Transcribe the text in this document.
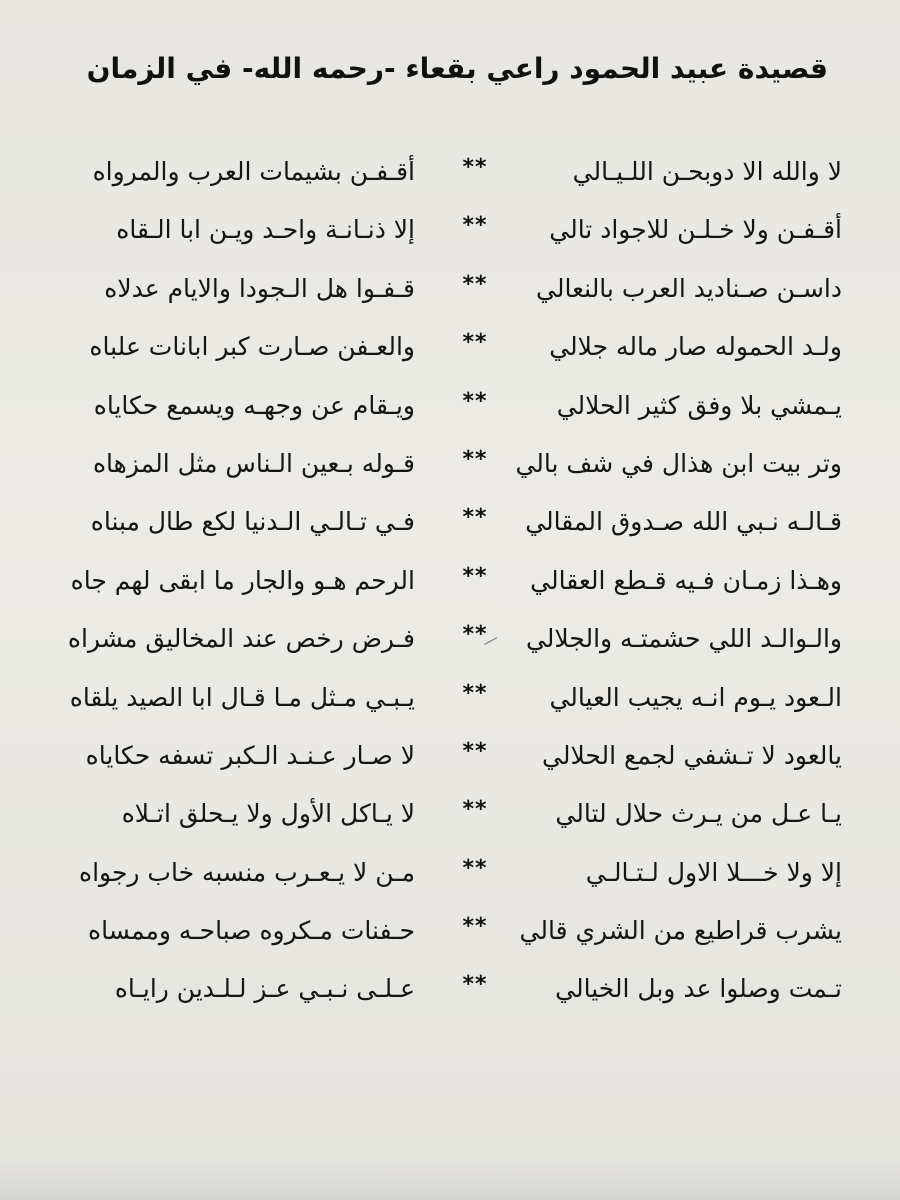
قصيدة عبيد الحمود راعي بقعاء -رحمه الله- في الزمان
لا والله الا دوبحـن اللـيـالي
**
أقـفـن بشيمات العرب والمرواه
أقـفـن ولا خـلـن للاجواد تالي
**
إلا ذنـانـة واحـد ويـن ابا الـقاه
داسـن صـناديد العرب بالنعالي
**
قـفـوا هل الـجودا والايام عدلاه
ولـد الحموله صار ماله جلالي
**
والعـفن صـارت كبر ابانات علباه
يـمشي بلا وفق كثير الحلالي
**
ويـقام عن وجهـه ويسمع حكاياه
وتر بيت ابن هذال في شف بالي
**
قـوله بـعين الـناس مثل المزهاه
قـالـه نـبي الله صـدوق المقالي
**
فـي تـالـي الـدنيا لكع طال مبناه
وهـذا زمـان فـيه قـطع العقالي
**
الرحم هـو والجار ما ابقى لهم جاه
والـوالـد اللي حشمتـه والجلالي
**
فـرض رخص عند المخاليق مشراه
الـعود يـوم انـه يجيب العيالي
**
يـبـي مـثل مـا قـال ابا الصيد يلقاه
يالعود لا تـشفي لجمع الحلالي
**
لا صـار عـنـد الـكبر تسفه حكاياه
يـا عـل من يـرث حلال لتالي
**
لا يـاكل الأول ولا يـحلق اتـلاه
إلا ولا خـــلا الاول لـتـالـي
**
مـن لا يـعـرب منسبه خاب رجواه
يشرب قراطيع من الشري قالي
**
حـفنات مـكروه صباحـه وممساه
تـمت وصلوا عد وبل الخيالي
**
عـلـى نـبـي عـز لـلـدين رايـاه
